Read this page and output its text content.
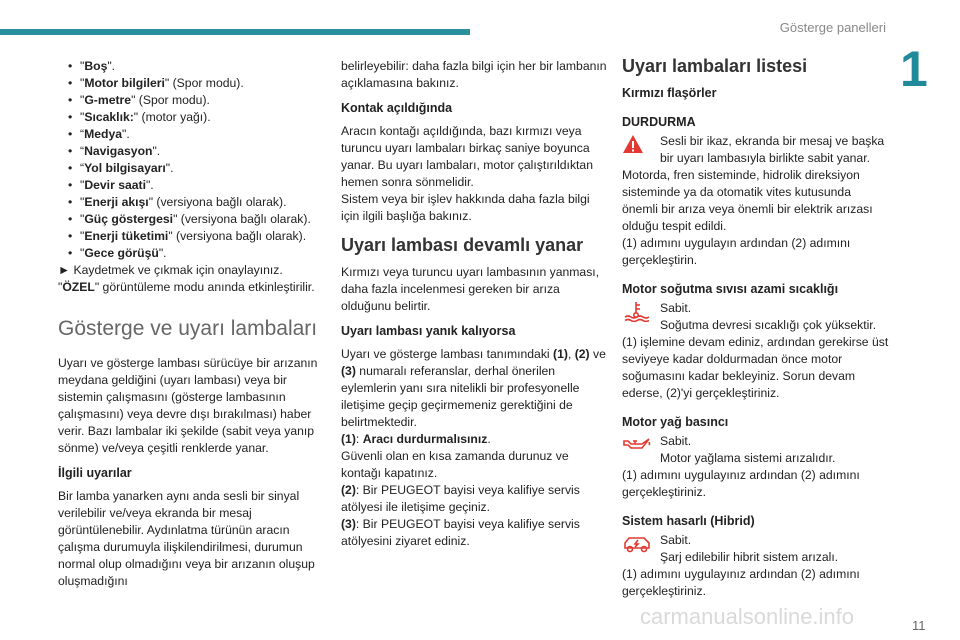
Gösterge panelleri
1
11
carmanualsonline.info
• "Boş".
• "Motor bilgileri" (Spor modu).
• "G-metre" (Spor modu).
• "Sıcaklık:" (motor yağı).
• “Medya".
• “Navigasyon".
• “Yol bilgisayarı".
• "Devir saati".
• "Enerji akışı" (versiyona bağlı olarak).
• "Güç göstergesi" (versiyona bağlı olarak).
• "Enerji tüketimi" (versiyona bağlı olarak).
• "Gece görüşü".

► Kaydetmek ve çıkmak için onaylayınız.

"ÖZEL" görüntüleme modu anında etkinleştirilir.

Gösterge ve uyarı lambaları

Uyarı ve gösterge lambası sürücüye bir arızanın meydana geldiğini (uyarı lambası) veya bir sistemin çalışmasını (gösterge lambasının çalışmasını) veya devre dışı bırakılması) haber verir. Bazı lambalar iki şekilde (sabit veya yanıp sönme) ve/veya çeşitli renklerde yanar.

İlgili uyarılar

Bir lamba yanarken aynı anda sesli bir sinyal verilebilir ve/veya ekranda bir mesaj görüntülenebilir. Aydınlatma türünün aracın çalışma durumuyla ilişkilendirilmesi, durumun normal olup olmadığını veya bir arızanın oluşup oluşmadığını

belirleyebilir: daha fazla bilgi için her bir lambanın açıklamasına bakınız.

Kontak açıldığında

Aracın kontağı açıldığında, bazı kırmızı veya turuncu uyarı lambaları birkaç saniye boyunca yanar. Bu uyarı lambaları, motor çalıştırıldıktan hemen sonra sönmelidir.

Sistem veya bir işlev hakkında daha fazla bilgi için ilgili başlığa bakınız.

Uyarı lambası devamlı yanar

Kırmızı veya turuncu uyarı lambasının yanması, daha fazla incelenmesi gereken bir arıza olduğunu belirtir.

Uyarı lambası yanık kalıyorsa

Uyarı ve gösterge lambası tanımındaki (1), (2) ve (3) numaralı referanslar, derhal önerilen eylemlerin yanı sıra nitelikli bir profesyonelle iletişime geçip geçirmemeniz gerektiğini de belirtmektedir.

(1): Aracı durdurmalısınız.

Güvenli olan en kısa zamanda durunuz ve kontağı kapatınız.

(2): Bir PEUGEOT bayisi veya kalifiye servis atölyesi ile iletişime geçiniz.

(3): Bir PEUGEOT bayisi veya kalifiye servis atölyesini ziyaret ediniz.

Uyarı lambaları listesi
Kırmızı flaşörler
DURDURMA
Sesli bir ikaz, ekranda bir mesaj ve başka bir uyarı lambasıyla birlikte sabit yanar.

Motorda, fren sisteminde, hidrolik direksiyon sisteminde ya da otomatik vites kutusunda önemli bir arıza veya önemli bir elektrik arızası olduğu tespit edildi.

(1) adımını uygulayın ardından (2) adımını gerçekleştirin.

Motor soğutma sıvısı azami sıcaklığı
Sabit.
Soğutma devresi sıcaklığı çok yüksektir.

(1) işlemine devam ediniz, ardından gerekirse üst seviyeye kadar doldurmadan önce motor soğumasını kadar bekleyiniz. Sorun devam ederse, (2)'yi gerçekleştiriniz.

Motor yağ basıncı
Sabit.
Motor yağlama sistemi arızalıdır.

(1) adımını uygulayınız ardından (2) adımını gerçekleştiriniz.

Sistem hasarlı (Hibrid)
Sabit.
Şarj edilebilir hibrit sistem arızalı.

(1) adımını uygulayınız ardından (2) adımını gerçekleştiriniz.
